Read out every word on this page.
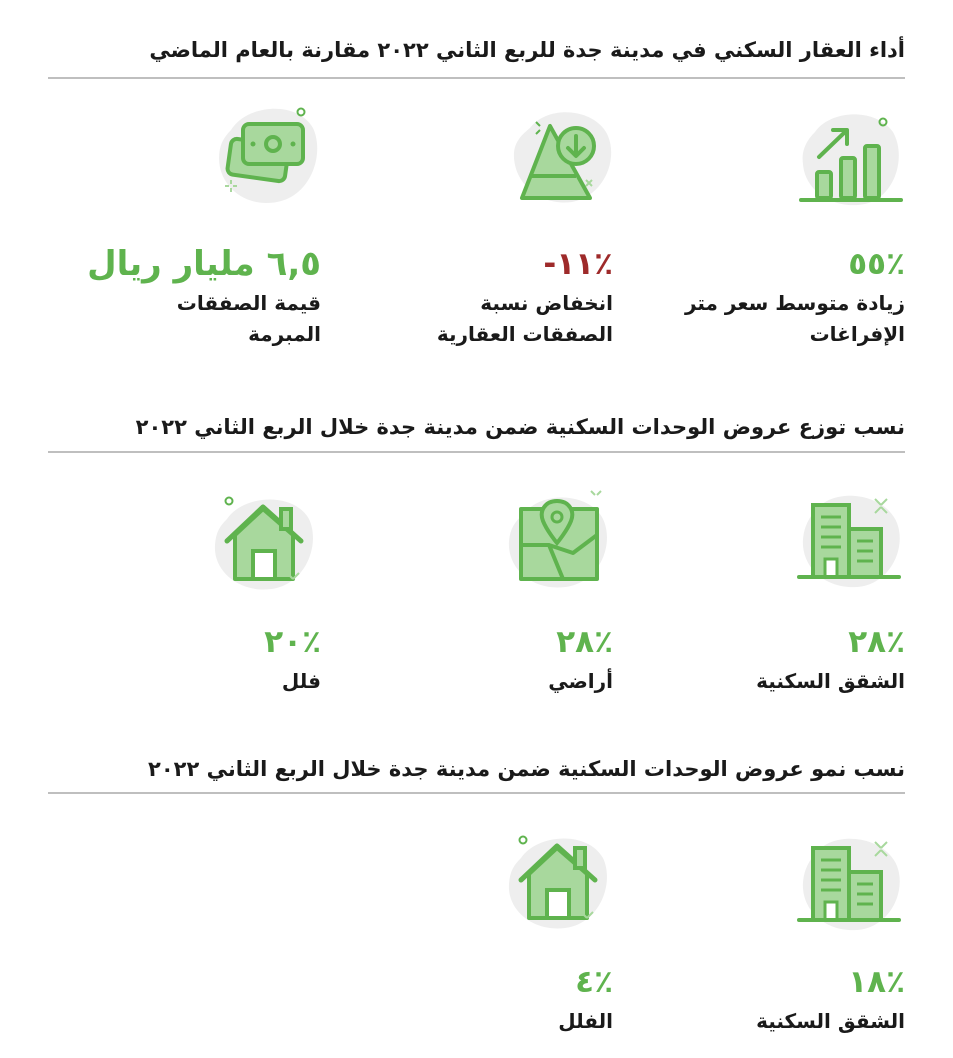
أداء العقار السكني في مدينة جدة للربع الثاني ٢٠٢٢ مقارنة بالعام الماضي
٪٥٥
زيادة متوسط سعر متر
الإفراغات
٪١١-
انخفاض نسبة
الصفقات العقارية
٦,٥ مليار ريال
قيمة الصفقات
المبرمة
نسب توزع عروض الوحدات السكنية ضمن مدينة جدة خلال الربع الثاني ٢٠٢٢
٪٢٨
الشقق السكنية
٪٢٨
أراضي
٪٢٠
فلل
نسب نمو عروض الوحدات السكنية ضمن مدينة جدة خلال الربع الثاني ٢٠٢٢
٪١٨
الشقق السكنية
٪٤
الفلل
